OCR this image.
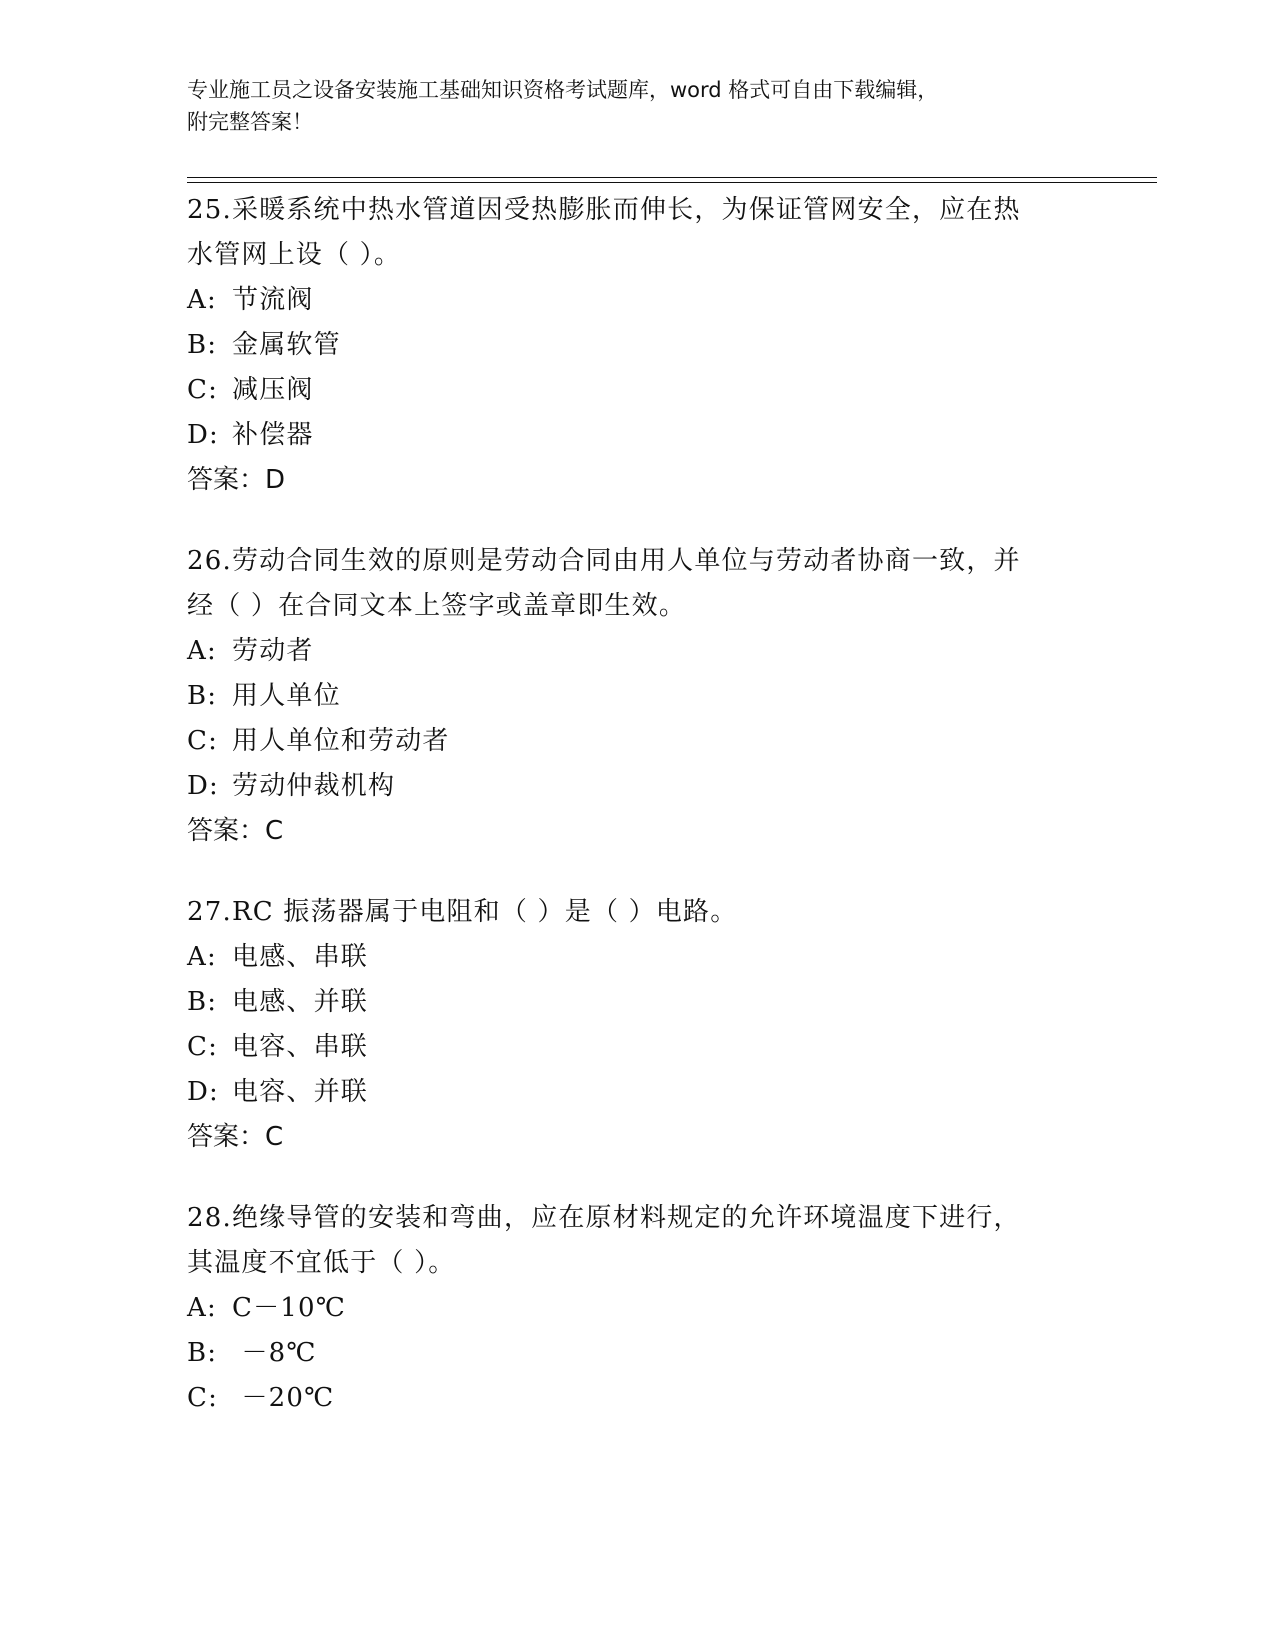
专业施工员之设备安装施工基础知识资格考试题库，word 格式可自由下载编辑，
附完整答案！

25.采暖系统中热水管道因受热膨胀而伸长，为保证管网安全，应在热

水管网上设（ ）。

A: 节流阀

B: 金属软管

C: 减压阀

D: 补偿器

答案：D

26.劳动合同生效的原则是劳动合同由用人单位与劳动者协商一致，并

经（ ）在合同文本上签字或盖章即生效。

A: 劳动者

B: 用人单位

C: 用人单位和劳动者

D: 劳动仲裁机构

答案：C

27.RC 振荡器属于电阻和（ ）是（ ）电路。

A: 电感、串联

B: 电感、并联

C: 电容、串联

D: 电容、并联

答案：C

28.绝缘导管的安装和弯曲，应在原材料规定的允许环境温度下进行，

其温度不宜低于（ ）。

A: C－10℃

B: －8℃

C: －20℃
